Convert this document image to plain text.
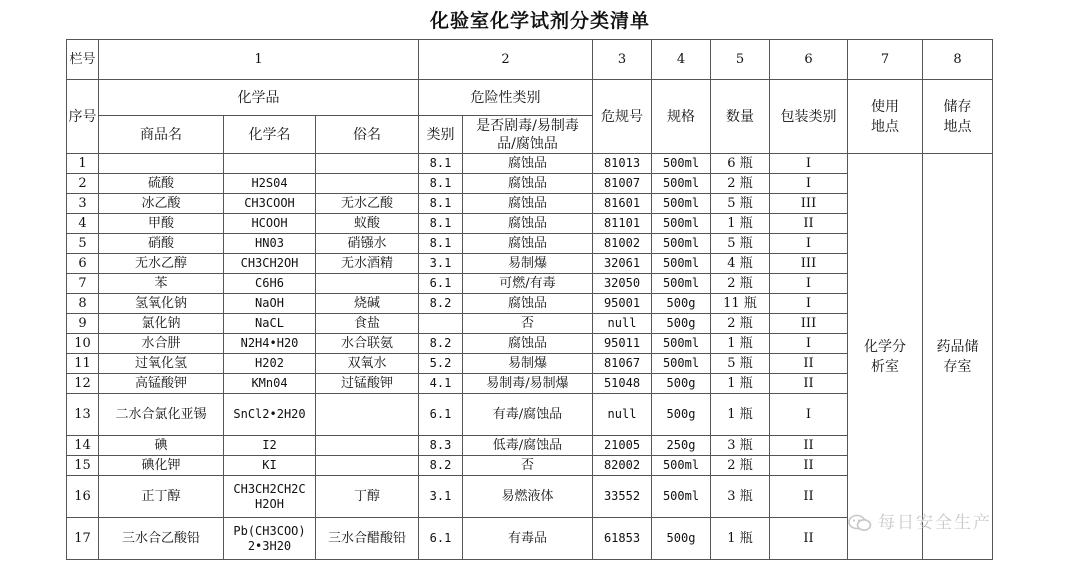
化验室化学试剂分类清单
栏号	1			2		3	4	5	6	7	8
序号	化学品			危险性类别		危规号	规格	数量	包装类别	使用地点	储存地点
	商品名	化学名	俗名	类别	是否剧毒/易制毒品/腐蚀品						
1				8.1	腐蚀品	81013	500ml	6 瓶	I	化学分析室	药品储存室
2	硫酸	H2S04		8.1	腐蚀品	81007	500ml	2 瓶	I		
3	冰乙酸	CH3COOH	无水乙酸	8.1	腐蚀品	81601	500ml	5 瓶	III		
4	甲酸	HCOOH	蚁酸	8.1	腐蚀品	81101	500ml	1 瓶	II		
5	硝酸	HN03	硝镪水	8.1	腐蚀品	81002	500ml	5 瓶	I		
6	无水乙醇	CH3CH2OH	无水酒精	3.1	易制爆	32061	500ml	4 瓶	III		
7	苯	C6H6		6.1	可燃/有毒	32050	500ml	2 瓶	I		
8	氢氧化钠	NaOH	烧碱	8.2	腐蚀品	95001	500g	11 瓶	I		
9	氯化钠	NaCL	食盐		否	null	500g	2 瓶	III		
10	水合肼	N2H4•H20	水合联氨	8.2	腐蚀品	95011	500ml	1 瓶	I		
11	过氧化氢	H202	双氧水	5.2	易制爆	81067	500ml	5 瓶	II		
12	高锰酸钾	KMn04	过锰酸钾	4.1	易制毒/易制爆	51048	500g	1 瓶	II		
13	二水合氯化亚锡	SnCl2•2H20		6.1	有毒/腐蚀品	null	500g	1 瓶	I		
14	碘	I2		8.3	低毒/腐蚀品	21005	250g	3 瓶	II		
15	碘化钾	KI		8.2	否	82002	500ml	2 瓶	II		
16	正丁醇	CH3CH2CH2CH2OH	丁醇	3.1	易燃液体	33552	500ml	3 瓶	II		
17	三水合乙酸铅	Pb(CH3COO)2•3H20	三水合醋酸铅	6.1	有毒品	61853	500g	1 瓶	II		
每日安全生产
